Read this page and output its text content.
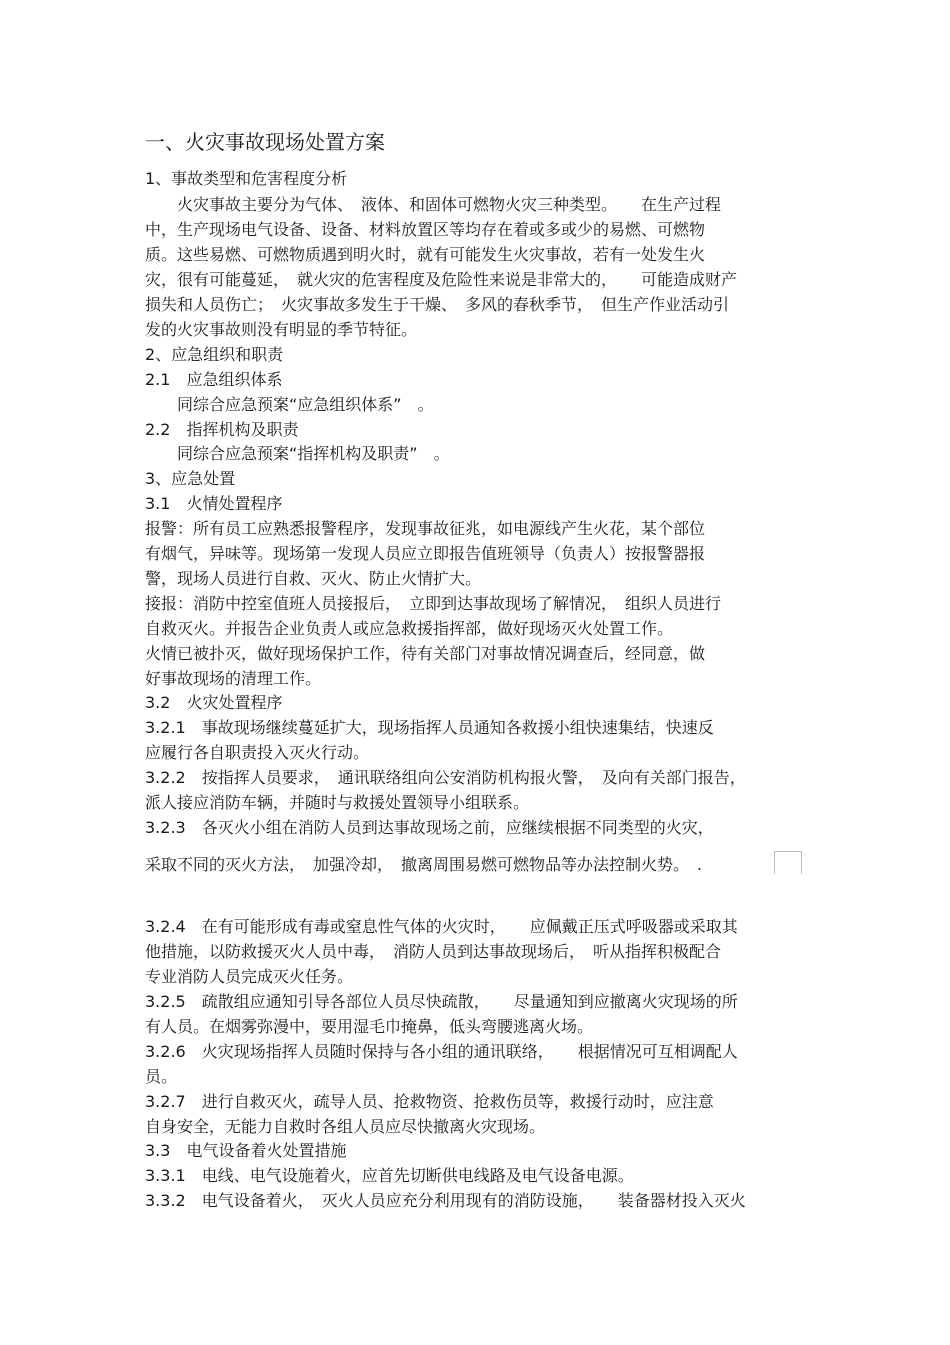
一、火灾事故现场处置方案
1、事故类型和危害程度分析
　　火灾事故主要分为气体、　液体、和固体可燃物火灾三种类型。　　在生产过程
中，生产现场电气设备、设备、材料放置区等均存在着或多或少的易燃、可燃物
质。这些易燃、可燃物质遇到明火时，就有可能发生火灾事故，若有一处发生火
灾，很有可能蔓延，　就火灾的危害程度及危险性来说是非常大的，　　可能造成财产
损失和人员伤亡；　火灾事故多发生于干燥、　多风的春秋季节，　但生产作业活动引
发的火灾事故则没有明显的季节特征。
2、应急组织和职责
2.1　应急组织体系
　　同综合应急预案“应急组织体系”　。
2.2　指挥机构及职责
　　同综合应急预案“指挥机构及职责”　。
3、应急处置
3.1　火情处置程序
报警：所有员工应熟悉报警程序，发现事故征兆，如电源线产生火花，某个部位
有烟气，异味等。现场第一发现人员应立即报告值班领导（负责人）按报警器报
警，现场人员进行自救、灭火、防止火情扩大。
接报：消防中控室值班人员接报后，　立即到达事故现场了解情况，　组织人员进行
自救灭火。并报告企业负责人或应急救援指挥部，做好现场灭火处置工作。
火情已被扑灭，做好现场保护工作，待有关部门对事故情况调查后，经同意，做
好事故现场的清理工作。
3.2　火灾处置程序
3.2.1　事故现场继续蔓延扩大，现场指挥人员通知各救援小组快速集结，快速反
应履行各自职责投入灭火行动。
3.2.2　按指挥人员要求，　通讯联络组向公安消防机构报火警，　及向有关部门报告，
派人接应消防车辆，并随时与救援处置领导小组联系。
3.2.3　各灭火小组在消防人员到达事故现场之前，应继续根据不同类型的火灾，
采取不同的灭火方法，　加强冷却，　撤离周围易燃可燃物品等办法控制火势。　.
3.2.4　在有可能形成有毒或窒息性气体的火灾时，　　应佩戴正压式呼吸器或采取其
他措施，以防救援灭火人员中毒，　消防人员到达事故现场后，　听从指挥积极配合
专业消防人员完成灭火任务。
3.2.5　疏散组应通知引导各部位人员尽快疏散，　　尽量通知到应撤离火灾现场的所
有人员。在烟雾弥漫中，要用湿毛巾掩鼻，低头弯腰逃离火场。
3.2.6　火灾现场指挥人员随时保持与各小组的通讯联络，　　根据情况可互相调配人
员。
3.2.7　进行自救灭火，疏导人员、抢救物资、抢救伤员等，救援行动时，应注意
自身安全，无能力自救时各组人员应尽快撤离火灾现场。
3.3　电气设备着火处置措施
3.3.1　电线、电气设施着火，应首先切断供电线路及电气设备电源。
3.3.2　电气设备着火，　灭火人员应充分利用现有的消防设施，　　装备器材投入灭火
